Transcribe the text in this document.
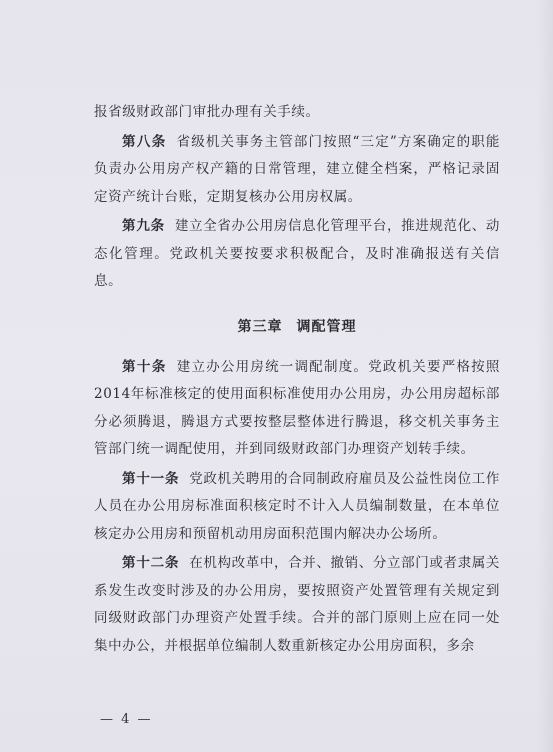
报省级财政部门审批办理有关手续。

第八条 省级机关事务主管部门按照“三定”方案确定的职能负责办公用房产权产籍的日常管理，建立健全档案，严格记录固定资产统计台账，定期复核办公用房权属。

第九条 建立全省办公用房信息化管理平台，推进规范化、动态化管理。党政机关要按要求积极配合，及时准确报送有关信息。

第三章 调配管理

第十条 建立办公用房统一调配制度。党政机关要严格按照2014年标准核定的使用面积标准使用办公用房，办公用房超标部分必须腾退，腾退方式要按整层整体进行腾退，移交机关事务主管部门统一调配使用，并到同级财政部门办理资产划转手续。

第十一条 党政机关聘用的合同制政府雇员及公益性岗位工作人员在办公用房标准面积核定时不计入人员编制数量，在本单位核定办公用房和预留机动用房面积范围内解决办公场所。

第十二条 在机构改革中，合并、撤销、分立部门或者隶属关系发生改变时涉及的办公用房，要按照资产处置管理有关规定到同级财政部门办理资产处置手续。合并的部门原则上应在同一处集中办公，并根据单位编制人数重新核定办公用房面积，多余

— 4 —
